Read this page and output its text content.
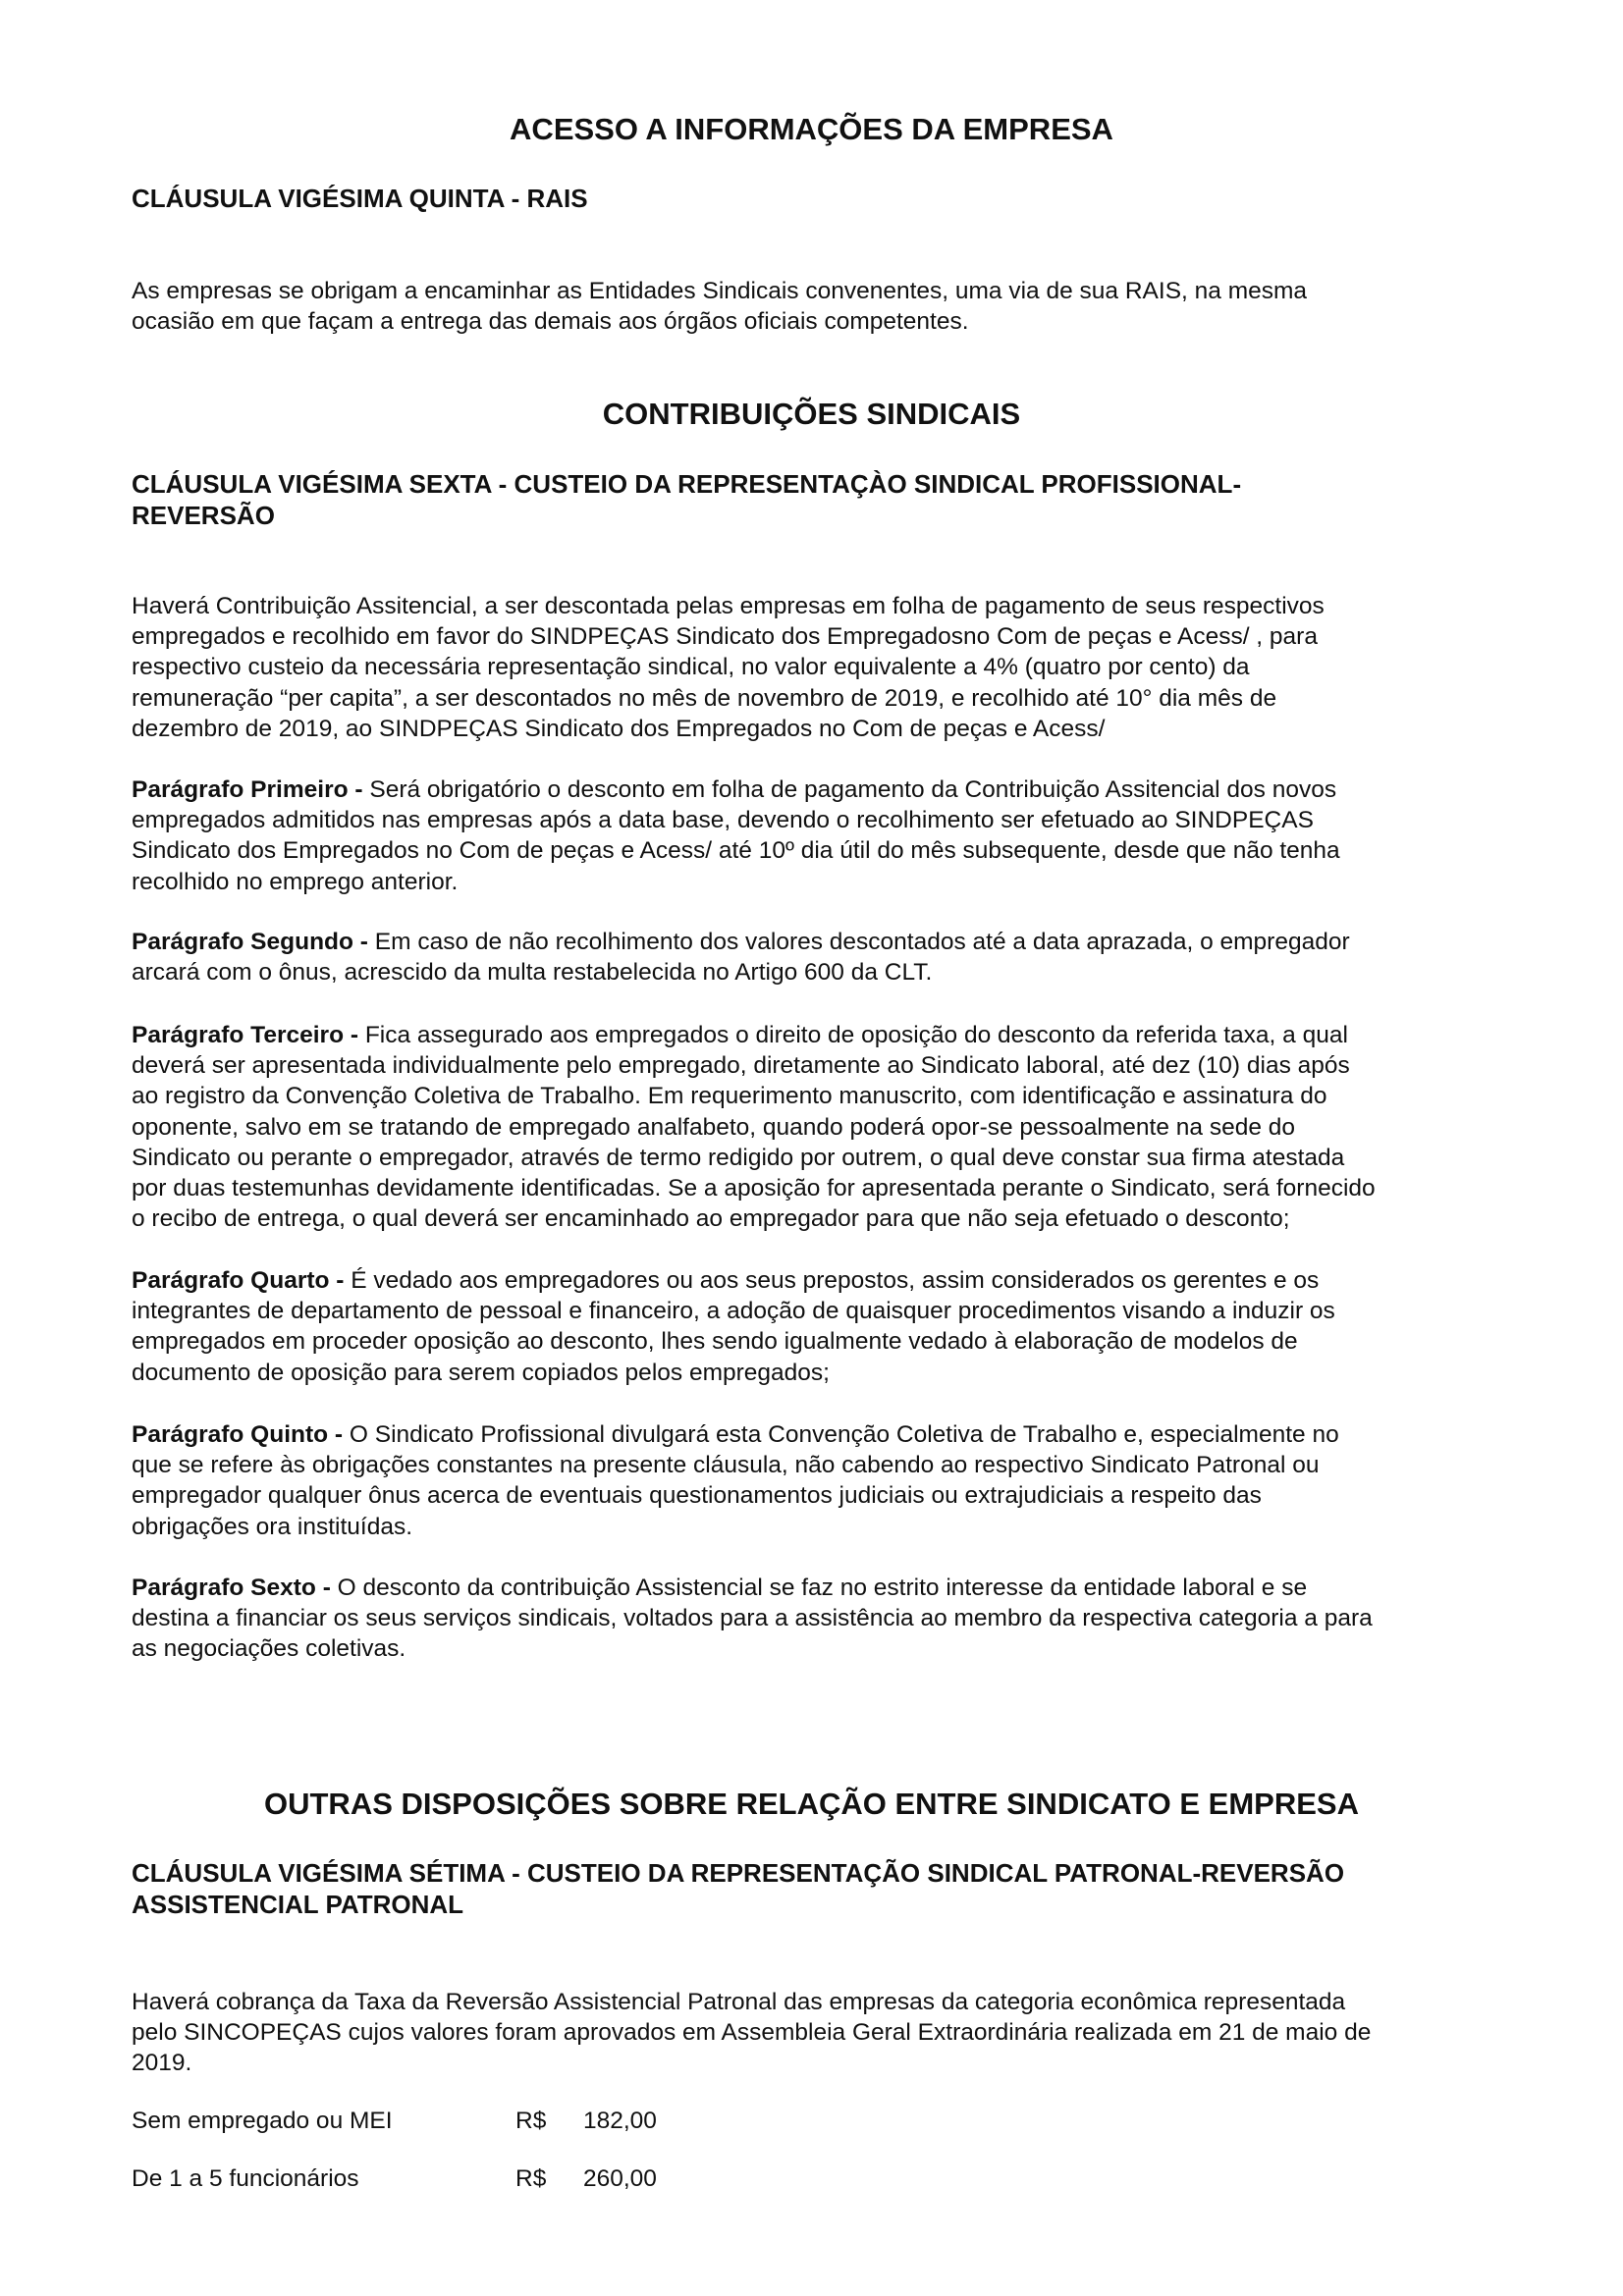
ACESSO A INFORMAÇÕES DA EMPRESA
CLÁUSULA VIGÉSIMA QUINTA - RAIS

As empresas se obrigam a encaminhar as Entidades Sindicais convenentes, uma via de sua RAIS, na mesma
ocasião em que façam a entrega das demais aos órgãos oficiais competentes.

CONTRIBUIÇÕES SINDICAIS
CLÁUSULA VIGÉSIMA SEXTA - CUSTEIO DA REPRESENTAÇÀO SINDICAL PROFISSIONAL-
REVERSÃO

Haverá Contribuição Assitencial, a ser descontada pelas empresas em folha de pagamento de seus respectivos
empregados e recolhido em favor do SINDPEÇAS Sindicato dos Empregadosno Com de peças e Acess/ , para
respectivo custeio da necessária representação sindical, no valor equivalente a 4% (quatro por cento) da
remuneração “per capita”, a ser descontados no mês de novembro de 2019, e recolhido até 10° dia mês de
dezembro de 2019, ao SINDPEÇAS Sindicato dos Empregados no Com de peças e Acess/

Parágrafo Primeiro - Será obrigatório o desconto em folha de pagamento da Contribuição Assitencial dos novos
empregados admitidos nas empresas após a data base, devendo o recolhimento ser efetuado ao SINDPEÇAS
Sindicato dos Empregados no Com de peças e Acess/ até 10º dia útil do mês subsequente, desde que não tenha
recolhido no emprego anterior.

Parágrafo Segundo - Em caso de não recolhimento dos valores descontados até a data aprazada, o empregador
arcará com o ônus, acrescido da multa restabelecida no Artigo 600 da CLT.

Parágrafo Terceiro - Fica assegurado aos empregados o direito de oposição do desconto da referida taxa, a qual
deverá ser apresentada individualmente pelo empregado, diretamente ao Sindicato laboral, até dez (10) dias após
ao registro da Convenção Coletiva de Trabalho. Em requerimento manuscrito, com identificação e assinatura do
oponente, salvo em se tratando de empregado analfabeto, quando poderá opor-se pessoalmente na sede do
Sindicato ou perante o empregador, através de termo redigido por outrem, o qual deve constar sua firma atestada
por duas testemunhas devidamente identificadas. Se a aposição for apresentada perante o Sindicato, será fornecido
o recibo de entrega, o qual deverá ser encaminhado ao empregador para que não seja efetuado o desconto;

Parágrafo Quarto - É vedado aos empregadores ou aos seus prepostos, assim considerados os gerentes e os
integrantes de departamento de pessoal e financeiro, a adoção de quaisquer procedimentos visando a induzir os
empregados em proceder oposição ao desconto, lhes sendo igualmente vedado à elaboração de modelos de
documento de oposição para serem copiados pelos empregados;

Parágrafo Quinto - O Sindicato Profissional divulgará esta Convenção Coletiva de Trabalho e, especialmente no
que se refere às obrigações constantes na presente cláusula, não cabendo ao respectivo Sindicato Patronal ou
empregador qualquer ônus acerca de eventuais questionamentos judiciais ou extrajudiciais a respeito das
obrigações ora instituídas.

Parágrafo Sexto - O desconto da contribuição Assistencial se faz no estrito interesse da entidade laboral e se
destina a financiar os seus serviços sindicais, voltados para a assistência ao membro da respectiva categoria a para
as negociações coletivas.

OUTRAS DISPOSIÇÕES SOBRE RELAÇÃO ENTRE SINDICATO E EMPRESA
CLÁUSULA VIGÉSIMA SÉTIMA - CUSTEIO DA REPRESENTAÇÃO SINDICAL PATRONAL-REVERSÃO
ASSISTENCIAL PATRONAL

Haverá cobrança da Taxa da Reversão Assistencial Patronal das empresas da categoria econômica representada
pelo SINCOPEÇAS cujos valores foram aprovados em Assembleia Geral Extraordinária realizada em 21 de maio de
2019.

Sem empregado ou MEI	R$ 182,00
De 1 a 5 funcionários	R$ 260,00
